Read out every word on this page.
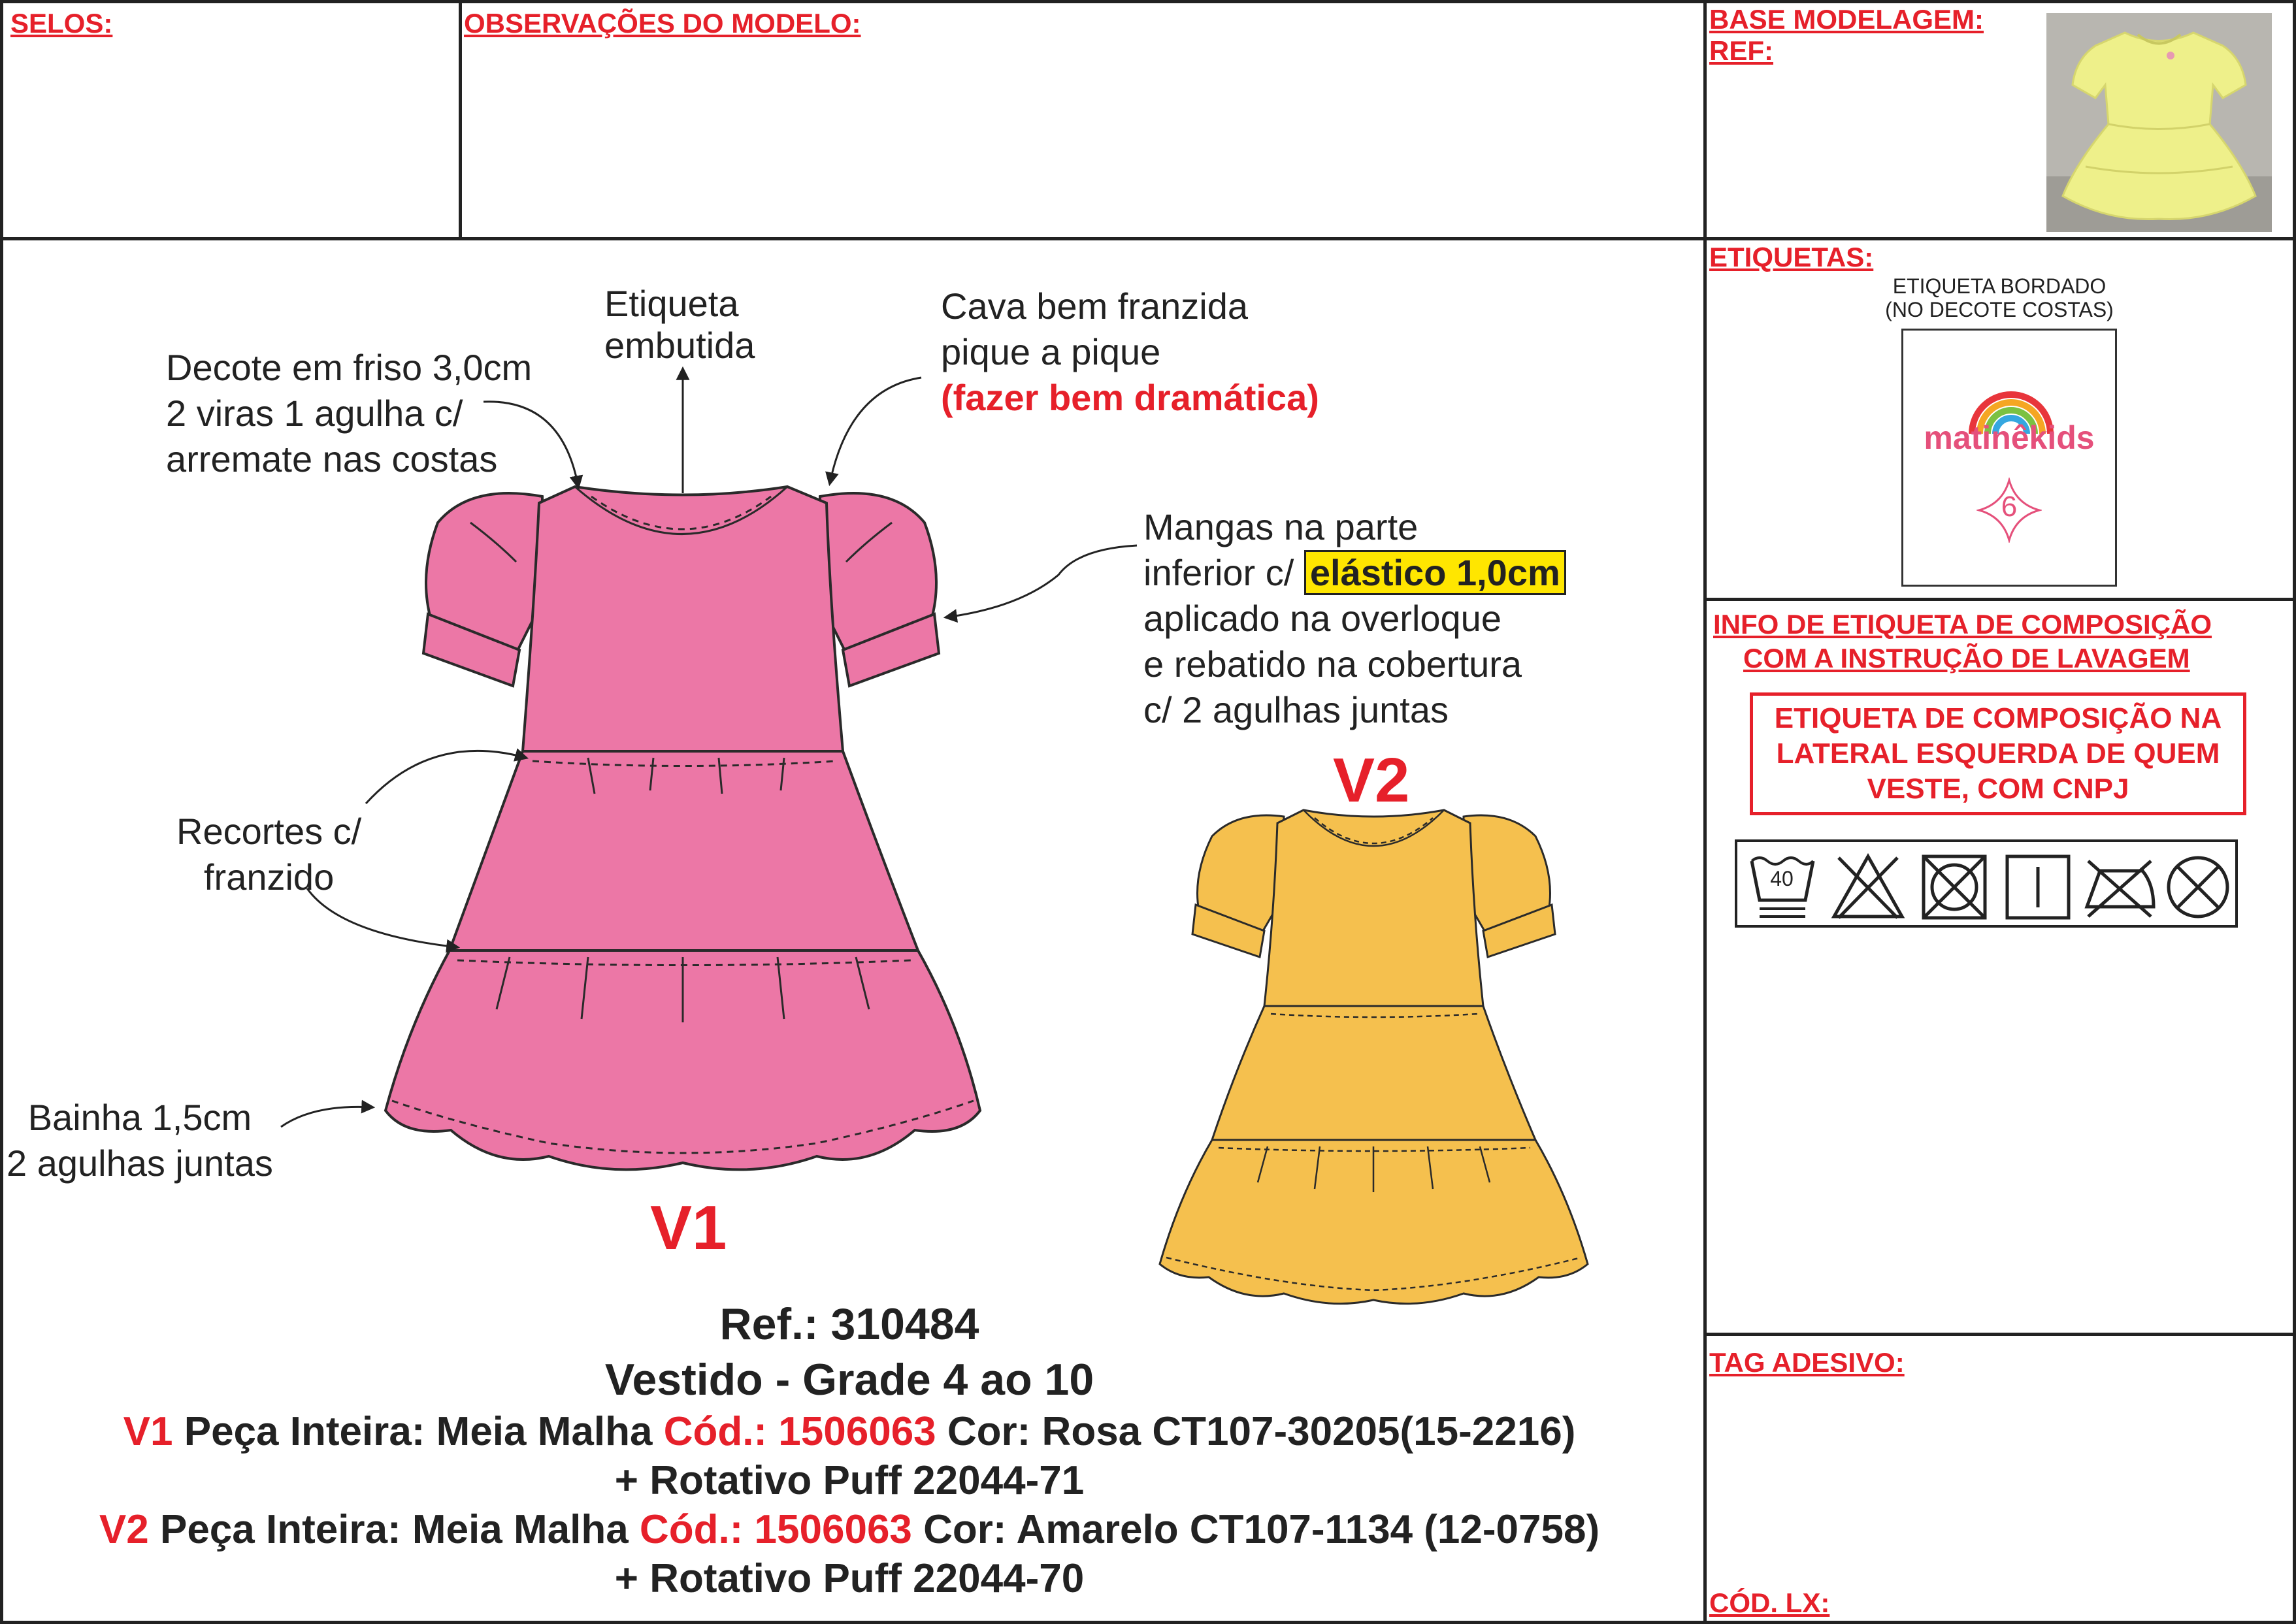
SELOS:	OBSERVAÇÕES DO MODELO:	BASE MODELAGEM:
REF:
ETIQUETAS:
INFO DE ETIQUETA DE COMPOSIÇÃO
COM A INSTRUÇÃO DE LAVAGEM
TAG ADESIVO:
CÓD. LX:
ETIQUETA BORDADO
(NO DECOTE COSTAS)
matinêkids
6
ETIQUETA DE COMPOSIÇÃO NA
LATERAL ESQUERDA DE QUEM
VESTE, COM CNPJ
40
Etiqueta
embutida
Cava bem franzida
pique a pique
(fazer bem dramática)
Decote em friso 3,0cm
2 viras 1 agulha c/
arremate nas costas
Mangas na parte
inferior c/ elástico 1,0cm
aplicado na overloque
e rebatido na cobertura
c/ 2 agulhas juntas
Recortes c/
franzido
Bainha 1,5cm
2 agulhas juntas
V1
V2
Ref.: 310484
Vestido - Grade 4 ao 10
V1 Peça Inteira: Meia Malha Cód.: 1506063 Cor: Rosa CT107-30205(15-2216)
+ Rotativo Puff 22044-71
V2 Peça Inteira: Meia Malha Cód.: 1506063 Cor: Amarelo CT107-1134 (12-0758)
+ Rotativo Puff 22044-70
